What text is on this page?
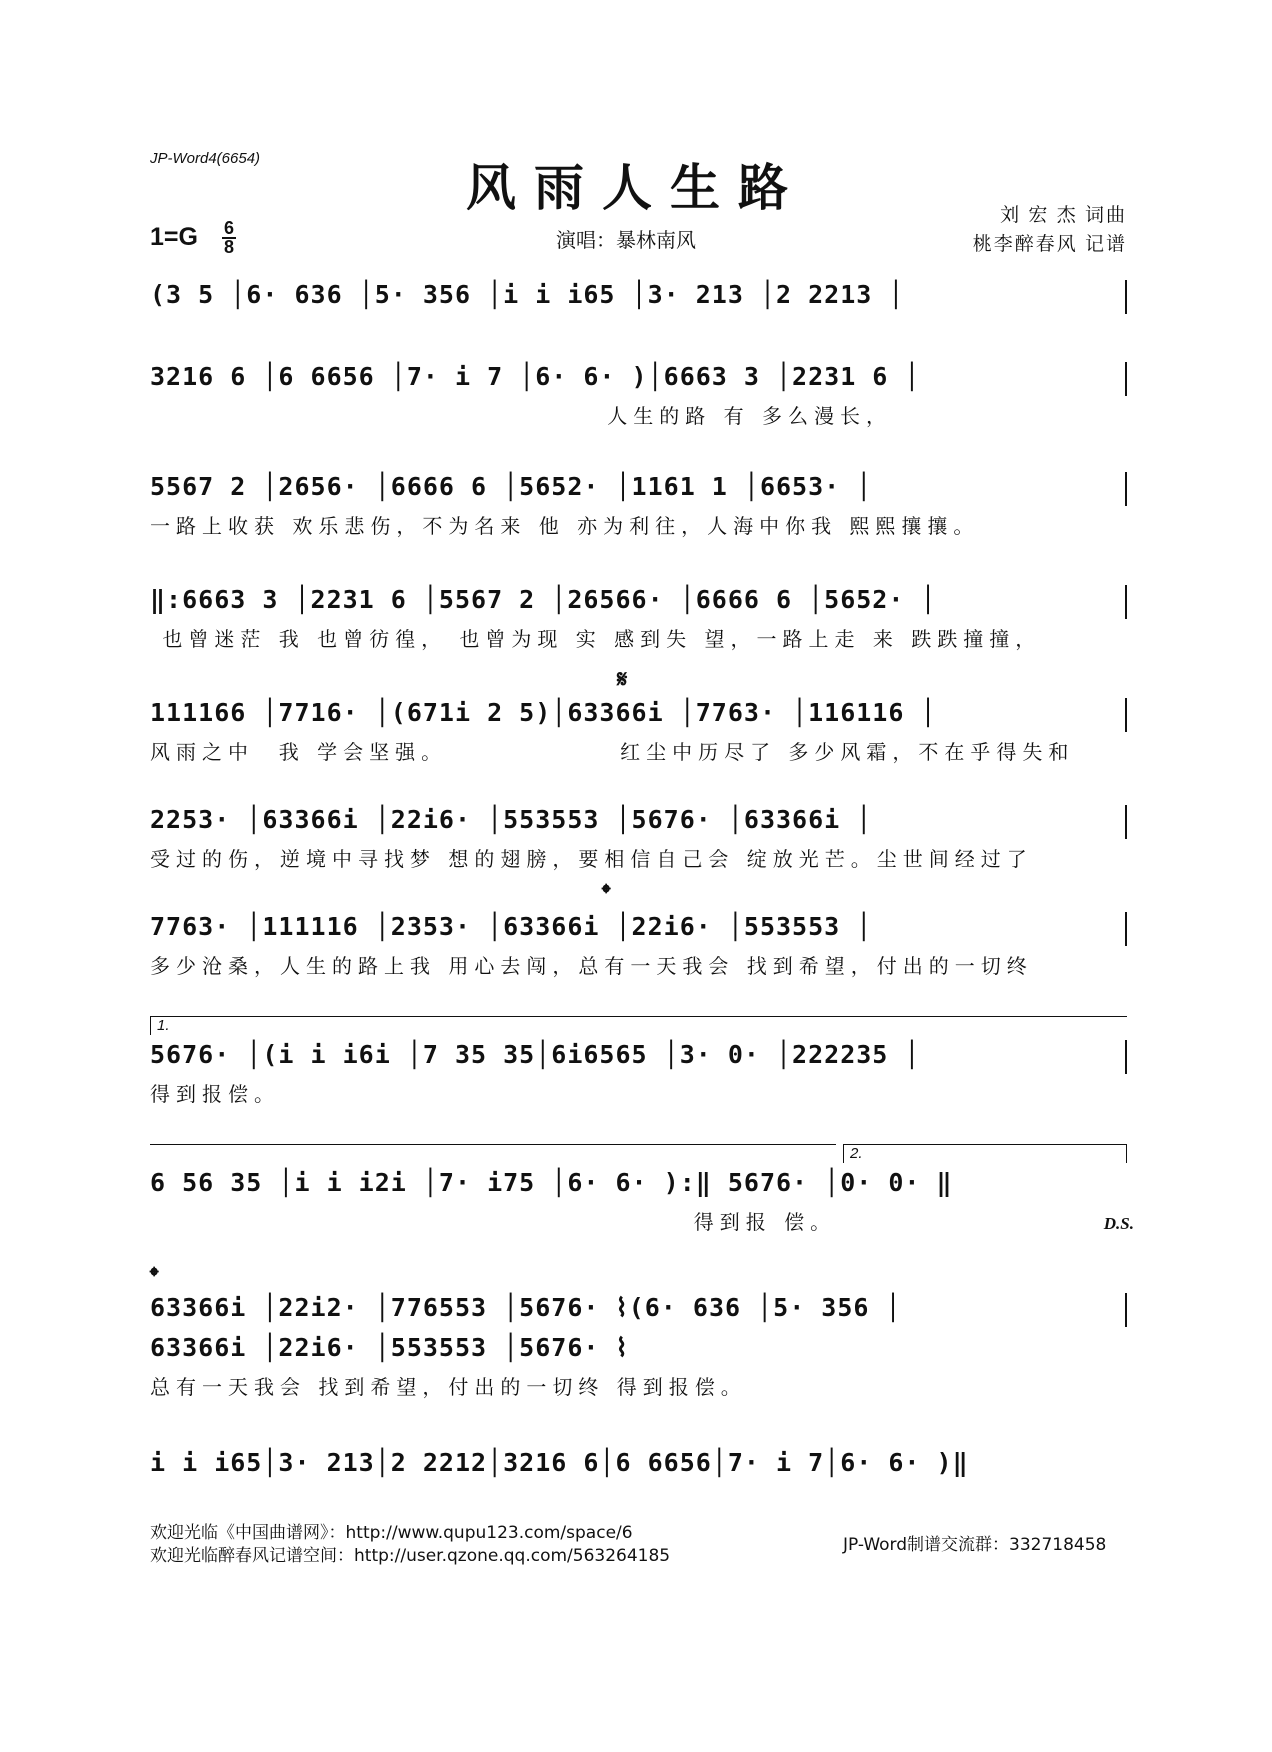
JP-Word4(6654)
风雨人生路
1=G 6
8	演唱：暴林南风
刘 宏 杰 词曲
桃李醉春风 记谱
(3 5 │6· 636 │5· 356 │i i i65 │3· 213 │2 2213 │
3216 6 │6 6656 │7· i 7 │6· 6· )│6663 3 │2231 6 │
人生的路 有 多么漫长，
5567 2 │2656· │6666 6 │5652· │1161 1 │6653· │
一路上收获 欢乐悲伤，不为名来 他 亦为利往，人海中你我 熙熙攘攘。
‖:6663 3 │2231 6 │5567 2 │26566· │6666 6 │5652· │
也曾迷茫 我 也曾彷徨， 也曾为现 实 感到失 望，一路上走 来 跌跌撞撞，
𝄋
111166 │7716· │(671i 2 5)│63366i │7763· │116116 │
风雨之中  我 学会坚强。              红尘中历尽了 多少风霜，不在乎得失和
2253· │63366i │22i6· │553553 │5676· │63366i │
受过的伤，逆境中寻找梦 想的翅膀，要相信自己会 绽放光芒。尘世间经过了
𝄌
7763· │111116 │2353· │63366i │22i6· │553553 │
多少沧桑，人生的路上我 用心去闯，总有一天我会 找到希望，付出的一切终
1.
5676· │(i i i6i │7 35 35│6i6565 │3· 0· │222235 │
得到报偿。
2.
6 56 35 │i i i2i │7· i75 │6· 6· ):‖ 5676· │0· 0· ‖
得到报 偿。	D.S.
𝄌
63366i │22i2· │776553 │5676· ⌇(6· 636 │5· 356 │
63366i │22i6· │553553 │5676· ⌇
总有一天我会 找到希望，付出的一切终 得到报偿。
i i i65│3· 213│2 2212│3216 6│6 6656│7· i 7│6· 6· )‖
欢迎光临《中国曲谱网》：http://www.qupu123.com/space/6
欢迎光临醉春风记谱空间：http://user.qzone.qq.com/563264185
JP-Word制谱交流群：332718458
